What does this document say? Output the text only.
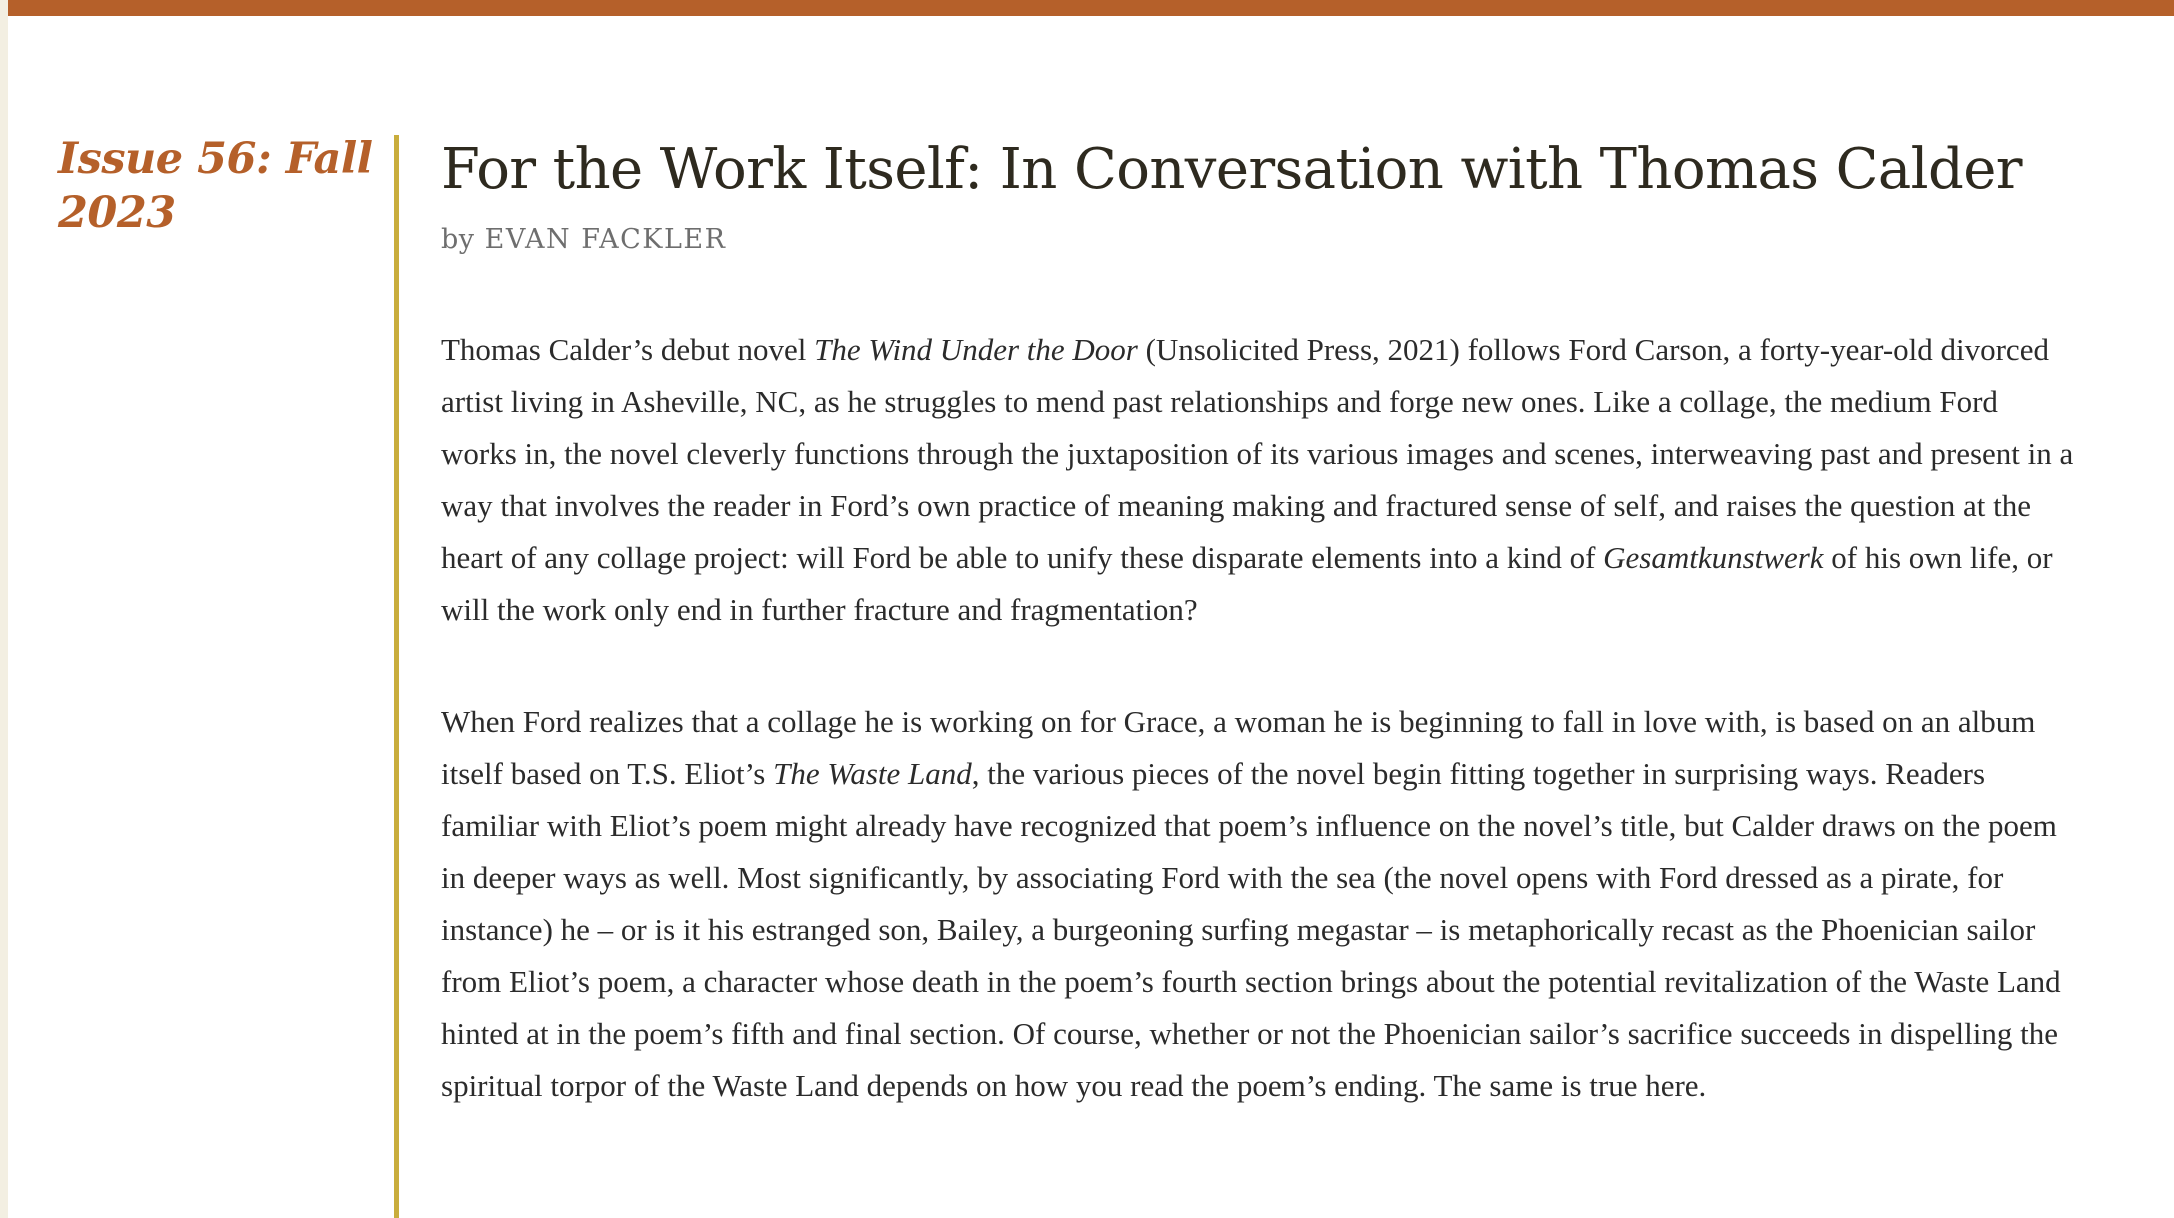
Issue 56: Fall 2023
For the Work Itself: In Conversation with Thomas Calder
by EVAN FACKLER

Thomas Calder’s debut novel The Wind Under the Door (Unsolicited Press, 2021) follows Ford Carson, a forty-year-old divorced artist living in Asheville, NC, as he struggles to mend past relationships and forge new ones. Like a collage, the medium Ford works in, the novel cleverly functions through the juxtaposition of its various images and scenes, interweaving past and present in a way that involves the reader in Ford’s own practice of meaning making and fractured sense of self, and raises the question at the heart of any collage project: will Ford be able to unify these disparate elements into a kind of Gesamtkunstwerk of his own life, or will the work only end in further fracture and fragmentation?

When Ford realizes that a collage he is working on for Grace, a woman he is beginning to fall in love with, is based on an album itself based on T.S. Eliot’s The Waste Land, the various pieces of the novel begin fitting together in surprising ways. Readers familiar with Eliot’s poem might already have recognized that poem’s influence on the novel’s title, but Calder draws on the poem in deeper ways as well. Most significantly, by associating Ford with the sea (the novel opens with Ford dressed as a pirate, for instance) he – or is it his estranged son, Bailey, a burgeoning surfing megastar – is metaphorically recast as the Phoenician sailor from Eliot’s poem, a character whose death in the poem’s fourth section brings about the potential revitalization of the Waste Land hinted at in the poem’s fifth and final section. Of course, whether or not the Phoenician sailor’s sacrifice succeeds in dispelling the spiritual torpor of the Waste Land depends on how you read the poem’s ending. The same is true here.
